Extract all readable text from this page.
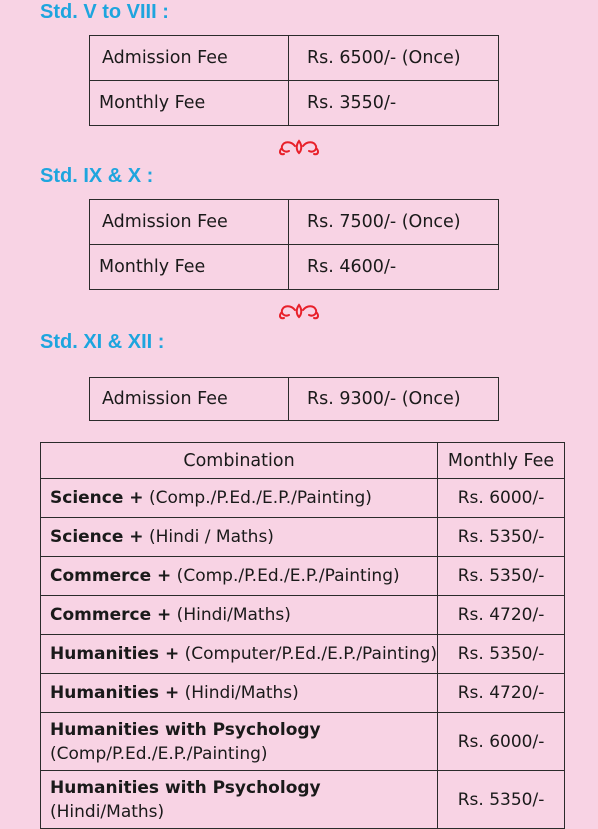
Std. V to VIII :
Admission Fee	Rs. 6500/- (Once)
Monthly Fee	Rs. 3550/-
Std. IX & X :
Admission Fee	Rs. 7500/- (Once)
Monthly Fee	Rs. 4600/-
Std. XI & XII :
Admission Fee	Rs. 9300/- (Once)
Combination	Monthly Fee
Science + (Comp./P.Ed./E.P./Painting)	Rs. 6000/-
Science + (Hindi / Maths)	Rs. 5350/-
Commerce + (Comp./P.Ed./E.P./Painting)	Rs. 5350/-
Commerce + (Hindi/Maths)	Rs. 4720/-
Humanities + (Computer/P.Ed./E.P./Painting)	Rs. 5350/-
Humanities + (Hindi/Maths)	Rs. 4720/-
Humanities with Psychology
(Comp/P.Ed./E.P./Painting)	Rs. 6000/-
Humanities with Psychology
(Hindi/Maths)	Rs. 5350/-
